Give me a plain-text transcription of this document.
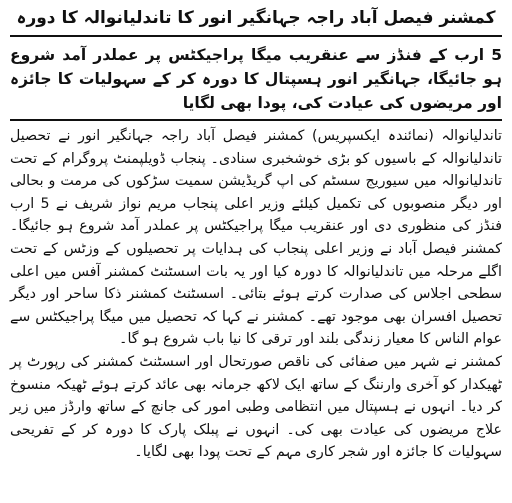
کمشنر فیصل آباد راجہ جہانگیر انور کا تاندلیانوالہ کا دورہ
5 ارب کے فنڈز سے عنقریب میگا پراجیکٹس پر عملدر آمد شروع ہو جائیگا، جہانگیر انور ہسپتال کا دورہ کر کے سہولیات کا جائزہ اور مریضوں کی عیادت کی، پودا بھی لگایا

تاندلیانوالہ (نمائندہ ایکسپریس) کمشنر فیصل آباد راجہ جہانگیر انور نے تحصیل تاندلیانوالہ کے باسیوں کو بڑی خوشخبری سنادی۔ پنجاب ڈویلپمنٹ پروگرام کے تحت تاندلیانوالہ میں سیوریج سسٹم کی اپ گریڈیشن سمیت سڑکوں کی مرمت و بحالی اور دیگر منصوبوں کی تکمیل کیلئے وزیر اعلی پنجاب مریم نواز شریف نے 5 ارب فنڈز کی منظوری دی اور عنقریب میگا پراجیکٹس پر عملدر آمد شروع ہو جائیگا۔ کمشنر فیصل آباد نے وزیر اعلی پنجاب کی ہدایات پر تحصیلوں کے وزٹس کے تحت اگلے مرحلہ میں تاندلیانوالہ کا دورہ کیا اور یہ بات اسسٹنٹ کمشنر آفس میں اعلی سطحی اجلاس کی صدارت کرتے ہوئے بتائی۔ اسسٹنٹ کمشنر ذکا ساحر اور دیگر تحصیل افسران بھی موجود تھے۔ کمشنر نے کہا کہ تحصیل میں میگا پراجیکٹس سے عوام الناس کا معیار زندگی بلند اور ترقی کا نیا باب شروع ہو گا۔

کمشنر نے شہر میں صفائی کی ناقص صورتحال اور اسسٹنٹ کمشنر کی رپورٹ پر ٹھیکدار کو آخری وارننگ کے ساتھ ایک لاکھ جرمانہ بھی عائد کرتے ہوئے ٹھیکہ منسوخ کر دیا۔ انہوں نے ہسپتال میں انتظامی وطبی امور کی جانچ کے ساتھ وارڈز میں زیر علاج مریضوں کی عیادت بھی کی۔ انہوں نے پبلک پارک کا دورہ کر کے تفریحی سہولیات کا جائزہ اور شجر کاری مہم کے تحت پودا بھی لگایا۔
